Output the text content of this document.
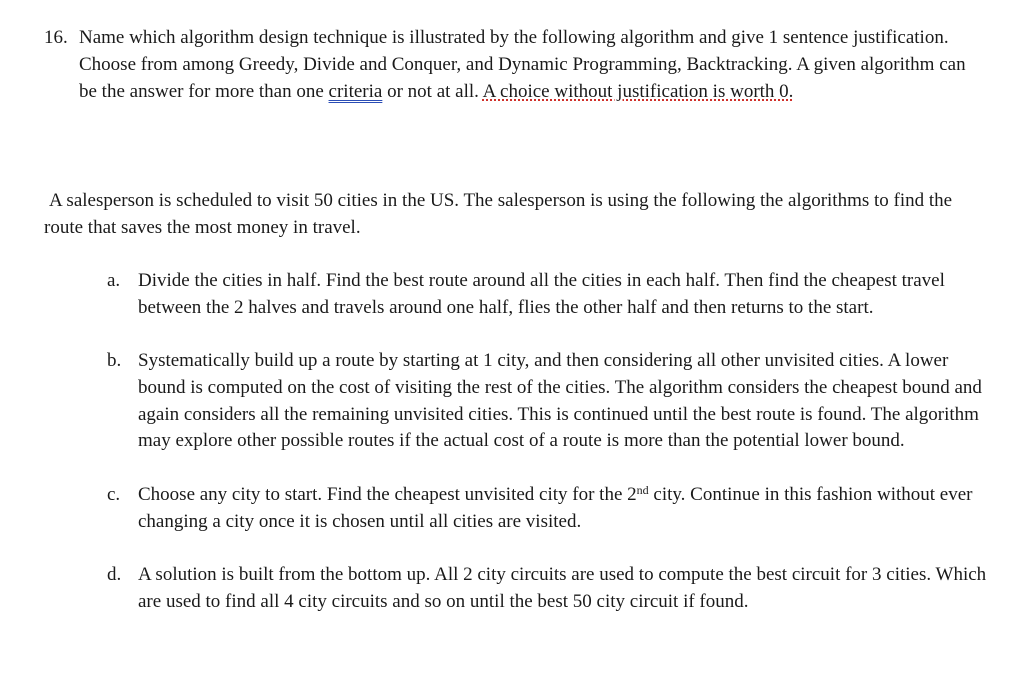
16. Name which algorithm design technique is illustrated by the following algorithm and give 1 sentence justification. Choose from among Greedy, Divide and Conquer, and Dynamic Programming, Backtracking. A given algorithm can be the answer for more than one criteria or not at all. A choice without justification is worth 0.
A salesperson is scheduled to visit 50 cities in the US. The salesperson is using the following the algorithms to find the route that saves the most money in travel.
a. Divide the cities in half. Find the best route around all the cities in each half. Then find the cheapest travel between the 2 halves and travels around one half, flies the other half and then returns to the start.
b. Systematically build up a route by starting at 1 city, and then considering all other unvisited cities. A lower bound is computed on the cost of visiting the rest of the cities. The algorithm considers the cheapest bound and again considers all the remaining unvisited cities. This is continued until the best route is found. The algorithm may explore other possible routes if the actual cost of a route is more than the potential lower bound.
c. Choose any city to start. Find the cheapest unvisited city for the 2nd city. Continue in this fashion without ever changing a city once it is chosen until all cities are visited.
d. A solution is built from the bottom up. All 2 city circuits are used to compute the best circuit for 3 cities. Which are used to find all 4 city circuits and so on until the best 50 city circuit if found.
